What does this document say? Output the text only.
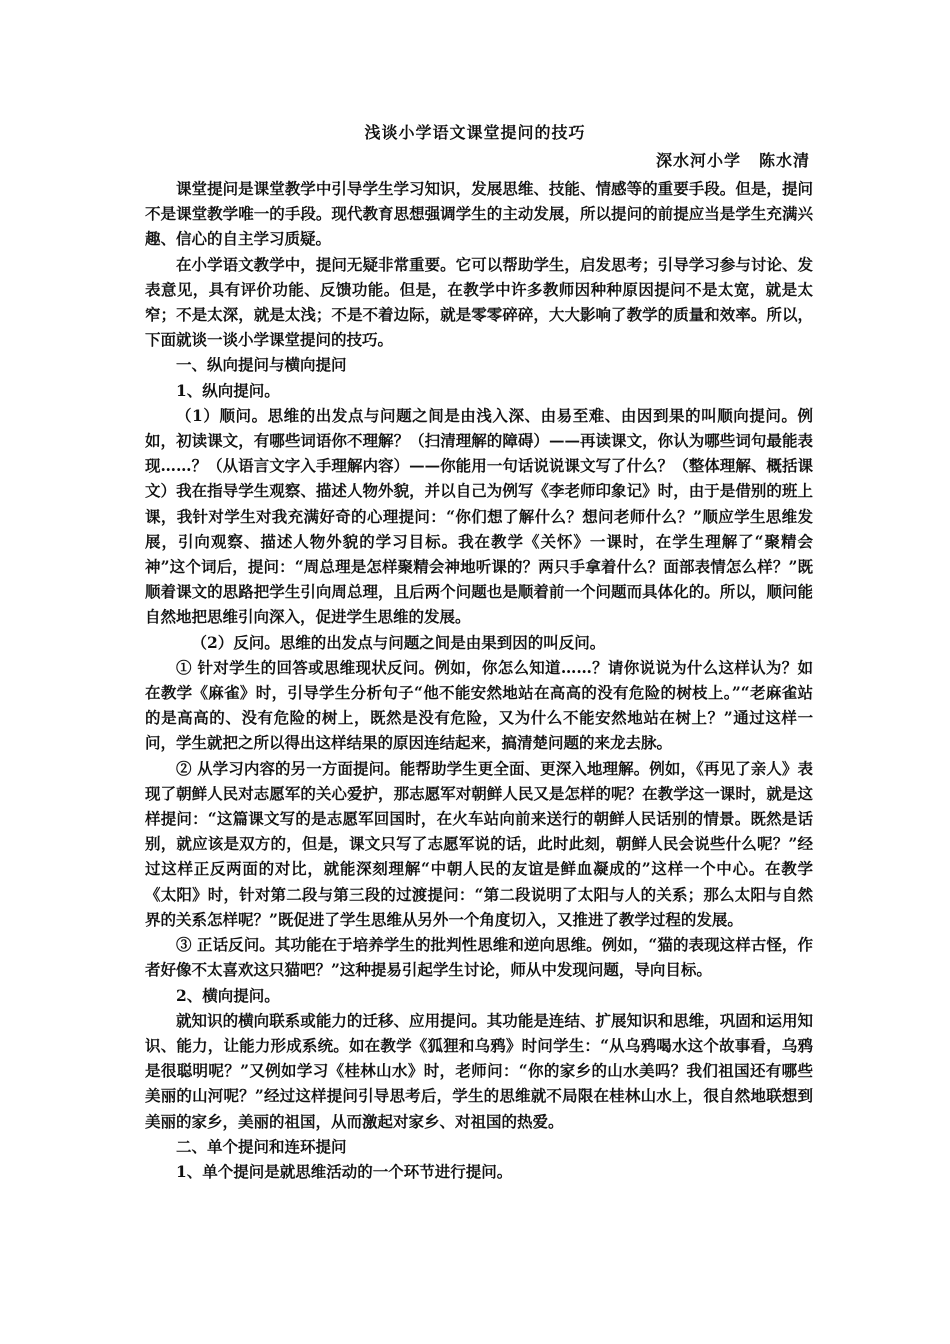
浅谈小学语文课堂提问的技巧
深水河小学 陈水清

课堂提问是课堂教学中引导学生学习知识，发展思维、技能、情感等的重要手段。但是，提问不是课堂教学唯一的手段。现代教育思想强调学生的主动发展，所以提问的前提应当是学生充满兴趣、信心的自主学习质疑。

在小学语文教学中，提问无疑非常重要。它可以帮助学生，启发思考；引导学习参与讨论、发表意见，具有评价功能、反馈功能。但是，在教学中许多教师因种种原因提问不是太宽，就是太窄；不是太深，就是太浅；不是不着边际，就是零零碎碎，大大影响了教学的质量和效率。所以，下面就谈一谈小学课堂提问的技巧。

一、纵向提问与横向提问

1、纵向提问。

（1）顺问。思维的出发点与问题之间是由浅入深、由易至难、由因到果的叫顺向提问。例如，初读课文，有哪些词语你不理解？（扫清理解的障碍）——再读课文，你认为哪些词句最能表现……？（从语言文字入手理解内容）——你能用一句话说说课文写了什么？（整体理解、概括课文）我在指导学生观察、描述人物外貌，并以自己为例写《李老师印象记》时，由于是借别的班上课，我针对学生对我充满好奇的心理提问：“你们想了解什么？想问老师什么？”顺应学生思维发展，引向观察、描述人物外貌的学习目标。我在教学《关怀》一课时，在学生理解了“聚精会神”这个词后，提问：“周总理是怎样聚精会神地听课的？两只手拿着什么？面部表情怎么样？”既顺着课文的思路把学生引向周总理，且后两个问题也是顺着前一个问题而具体化的。所以，顺问能自然地把思维引向深入，促进学生思维的发展。

（2）反问。思维的出发点与问题之间是由果到因的叫反问。

① 针对学生的回答或思维现状反问。例如，你怎么知道……？请你说说为什么这样认为？如在教学《麻雀》时，引导学生分析句子“他不能安然地站在高高的没有危险的树枝上。”“老麻雀站的是高高的、没有危险的树上，既然是没有危险，又为什么不能安然地站在树上？”通过这样一问，学生就把之所以得出这样结果的原因连结起来，搞清楚问题的来龙去脉。

② 从学习内容的另一方面提问。能帮助学生更全面、更深入地理解。例如，《再见了亲人》表现了朝鲜人民对志愿军的关心爱护，那志愿军对朝鲜人民又是怎样的呢？在教学这一课时，就是这样提问：“这篇课文写的是志愿军回国时，在火车站向前来送行的朝鲜人民话别的情景。既然是话别，就应该是双方的，但是，课文只写了志愿军说的话，此时此刻，朝鲜人民会说些什么呢？”经过这样正反两面的对比，就能深刻理解“中朝人民的友谊是鲜血凝成的”这样一个中心。在教学《太阳》时，针对第二段与第三段的过渡提问：“第二段说明了太阳与人的关系；那么太阳与自然界的关系怎样呢？”既促进了学生思维从另外一个角度切入，又推进了教学过程的发展。

③ 正话反问。其功能在于培养学生的批判性思维和逆向思维。例如，“猫的表现这样古怪，作者好像不太喜欢这只猫吧？”这种提易引起学生讨论，师从中发现问题，导向目标。

2、横向提问。

就知识的横向联系或能力的迁移、应用提问。其功能是连结、扩展知识和思维，巩固和运用知识、能力，让能力形成系统。如在教学《狐狸和乌鸦》时问学生：“从乌鸦喝水这个故事看，乌鸦是很聪明呢？”又例如学习《桂林山水》时，老师问：“你的家乡的山水美吗？我们祖国还有哪些美丽的山河呢？”经过这样提问引导思考后，学生的思维就不局限在桂林山水上，很自然地联想到美丽的家乡，美丽的祖国，从而激起对家乡、对祖国的热爱。

二、单个提问和连环提问

1、单个提问是就思维活动的一个环节进行提问。
